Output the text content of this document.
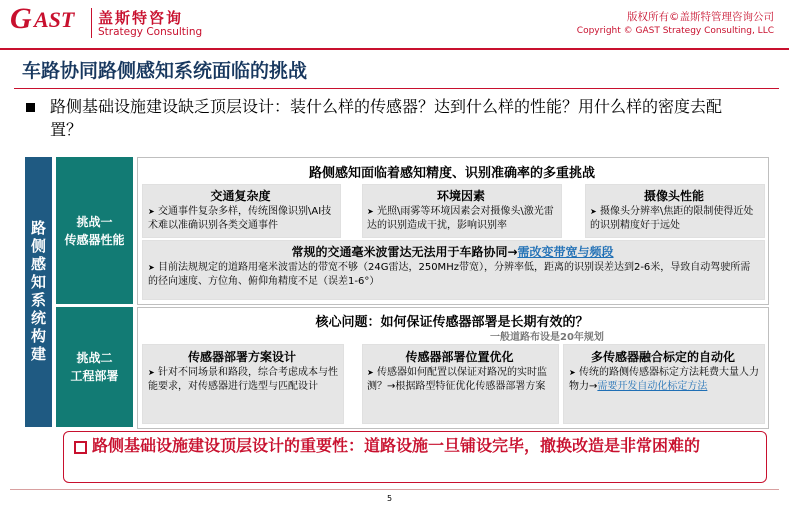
G AST 盖斯特咨询
Strategy Consulting
版权所有©盖斯特管理咨询公司
Copyright © GAST Strategy Consulting, LLC
车路协同路侧感知系统面临的挑战
路侧基础设施建设缺乏顶层设计：装什么样的传感器？达到什么样的性能？用什么样的密度去配置？
路侧感知系统构建	挑战一
传感器性能
挑战二
工程部署
路侧感知面临着感知精度、识别准确率的多重挑战
交通复杂度
➤ 交通事件复杂多样，传统图像识别\AI技术难以准确识别各类交通事件
环境因素
➤ 光照\雨雾等环境因素会对摄像头\激光雷达的识别造成干扰，影响识别率
摄像头性能
➤ 摄像头分辨率\焦距的限制使得近处的识别精度好于远处
常规的交通毫米波雷达无法用于车路协同→需改变带宽与频段
➤ 目前法规规定的道路用毫米波雷达的带宽不够（24G雷达，250MHz带宽），分辨率低，距离的识别误差达到2-6米，导致自动驾驶所需的径向速度、方位角、俯仰角精度不足（误差1-6°）
核心问题：如何保证传感器部署是长期有效的？
一般道路布设是20年规划
传感器部署方案设计
➤ 针对不同场景和路段，综合考虑成本与性能要求，对传感器进行选型与匹配设计
传感器部署位置优化
➤ 传感器如何配置以保证对路况的实时监测？→根据路型特征优化传感器部署方案
多传感器融合标定的自动化
➤ 传统的路侧传感器标定方法耗费大量人力物力→需要开发自动化标定方法
路侧基础设施建设顶层设计的重要性：道路设施一旦铺设完毕，撤换改造是非常困难的
5
